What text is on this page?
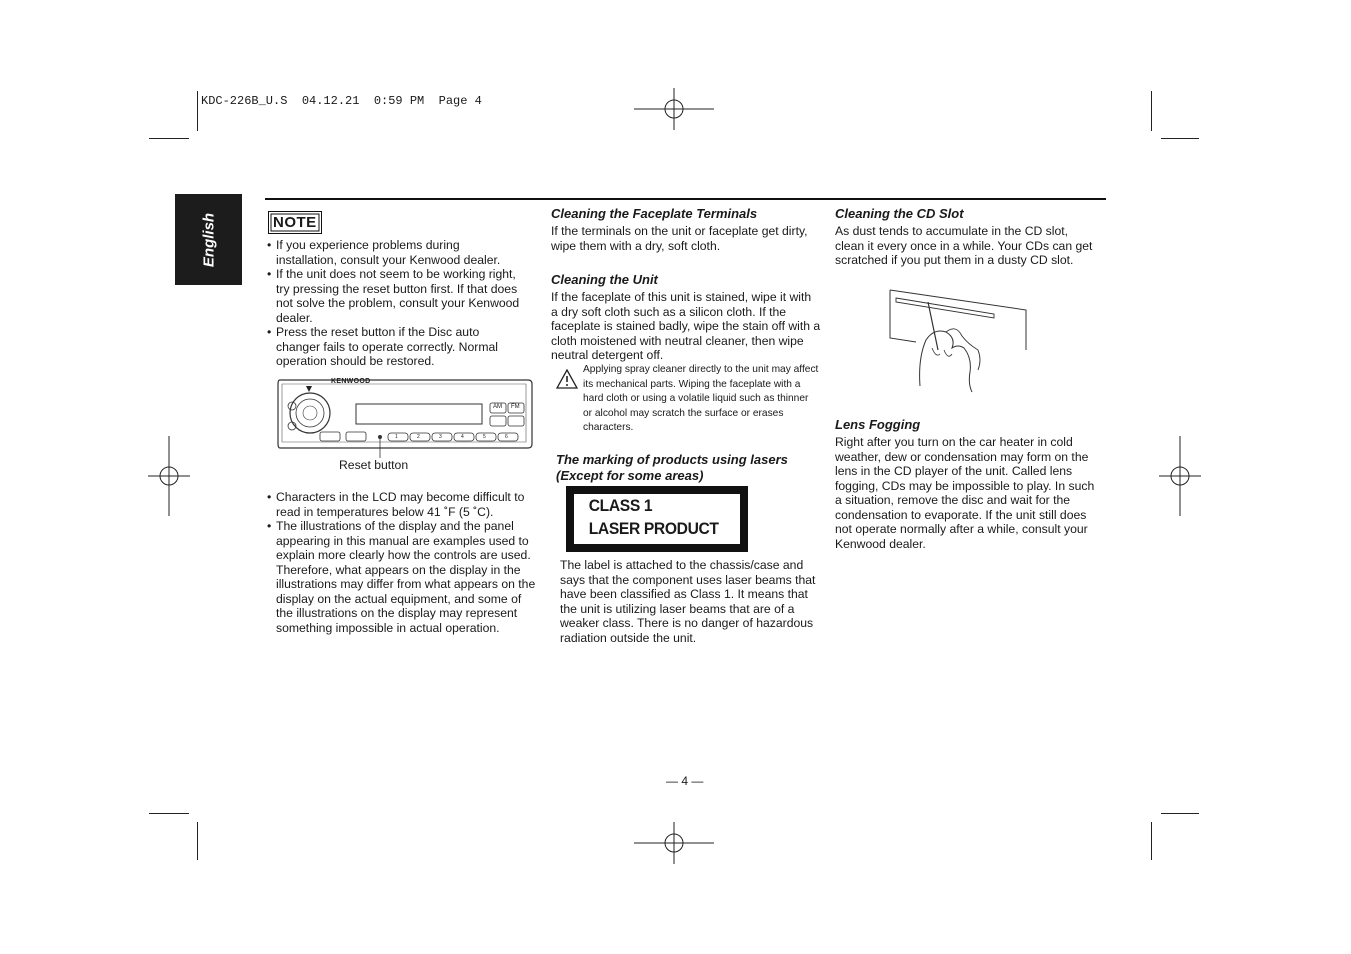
KDC-226B_U.S  04.12.21  0:59 PM  Page 4
English	NOTE
• If you experience problems during installation, consult your Kenwood dealer.
• If the unit does not seem to be working right, try pressing the reset button first. If that does not solve the problem, consult your Kenwood dealer.
• Press the reset button if the Disc auto changer fails to operate correctly. Normal operation should be restored.
KENWOOD
AM FM
1	2	3	4	5	6
Reset button
• Characters in the LCD may become difficult to read in temperatures below 41 ˚F (5 ˚C).
• The illustrations of the display and the panel appearing in this manual are examples used to explain more clearly how the controls are used. Therefore, what appears on the display in the illustrations may differ from what appears on the display on the actual equipment, and some of the illustrations on the display may represent something impossible in actual operation.
Cleaning the Faceplate Terminals

If the terminals on the unit or faceplate get dirty, wipe them with a dry, soft cloth.

Cleaning the Unit

If the faceplate of this unit is stained, wipe it with a dry soft cloth such as a silicon cloth. If the faceplate is stained badly, wipe the stain off with a cloth moistened with neutral cleaner, then wipe neutral detergent off.

Applying spray cleaner directly to the unit may affect its mechanical parts. Wiping the faceplate with a hard cloth or using a volatile liquid such as thinner or alcohol may scratch the surface or erases characters.

The marking of products using lasers
(Except for some areas)
CLASS 1
LASER PRODUCT

The label is attached to the chassis/case and says that the component uses laser beams that have been classified as Class 1. It means that the unit is utilizing laser beams that are of a weaker class. There is no danger of hazardous radiation outside the unit.

Cleaning the CD Slot

As dust tends to accumulate in the CD slot, clean it every once in a while. Your CDs can get scratched if you put them in a dusty CD slot.

Lens Fogging

Right after you turn on the car heater in cold weather, dew or condensation may form on the lens in the CD player of the unit. Called lens fogging, CDs may be impossible to play. In such a situation, remove the disc and wait for the condensation to evaporate. If the unit still does not operate normally after a while, consult your Kenwood dealer.

— 4 —
